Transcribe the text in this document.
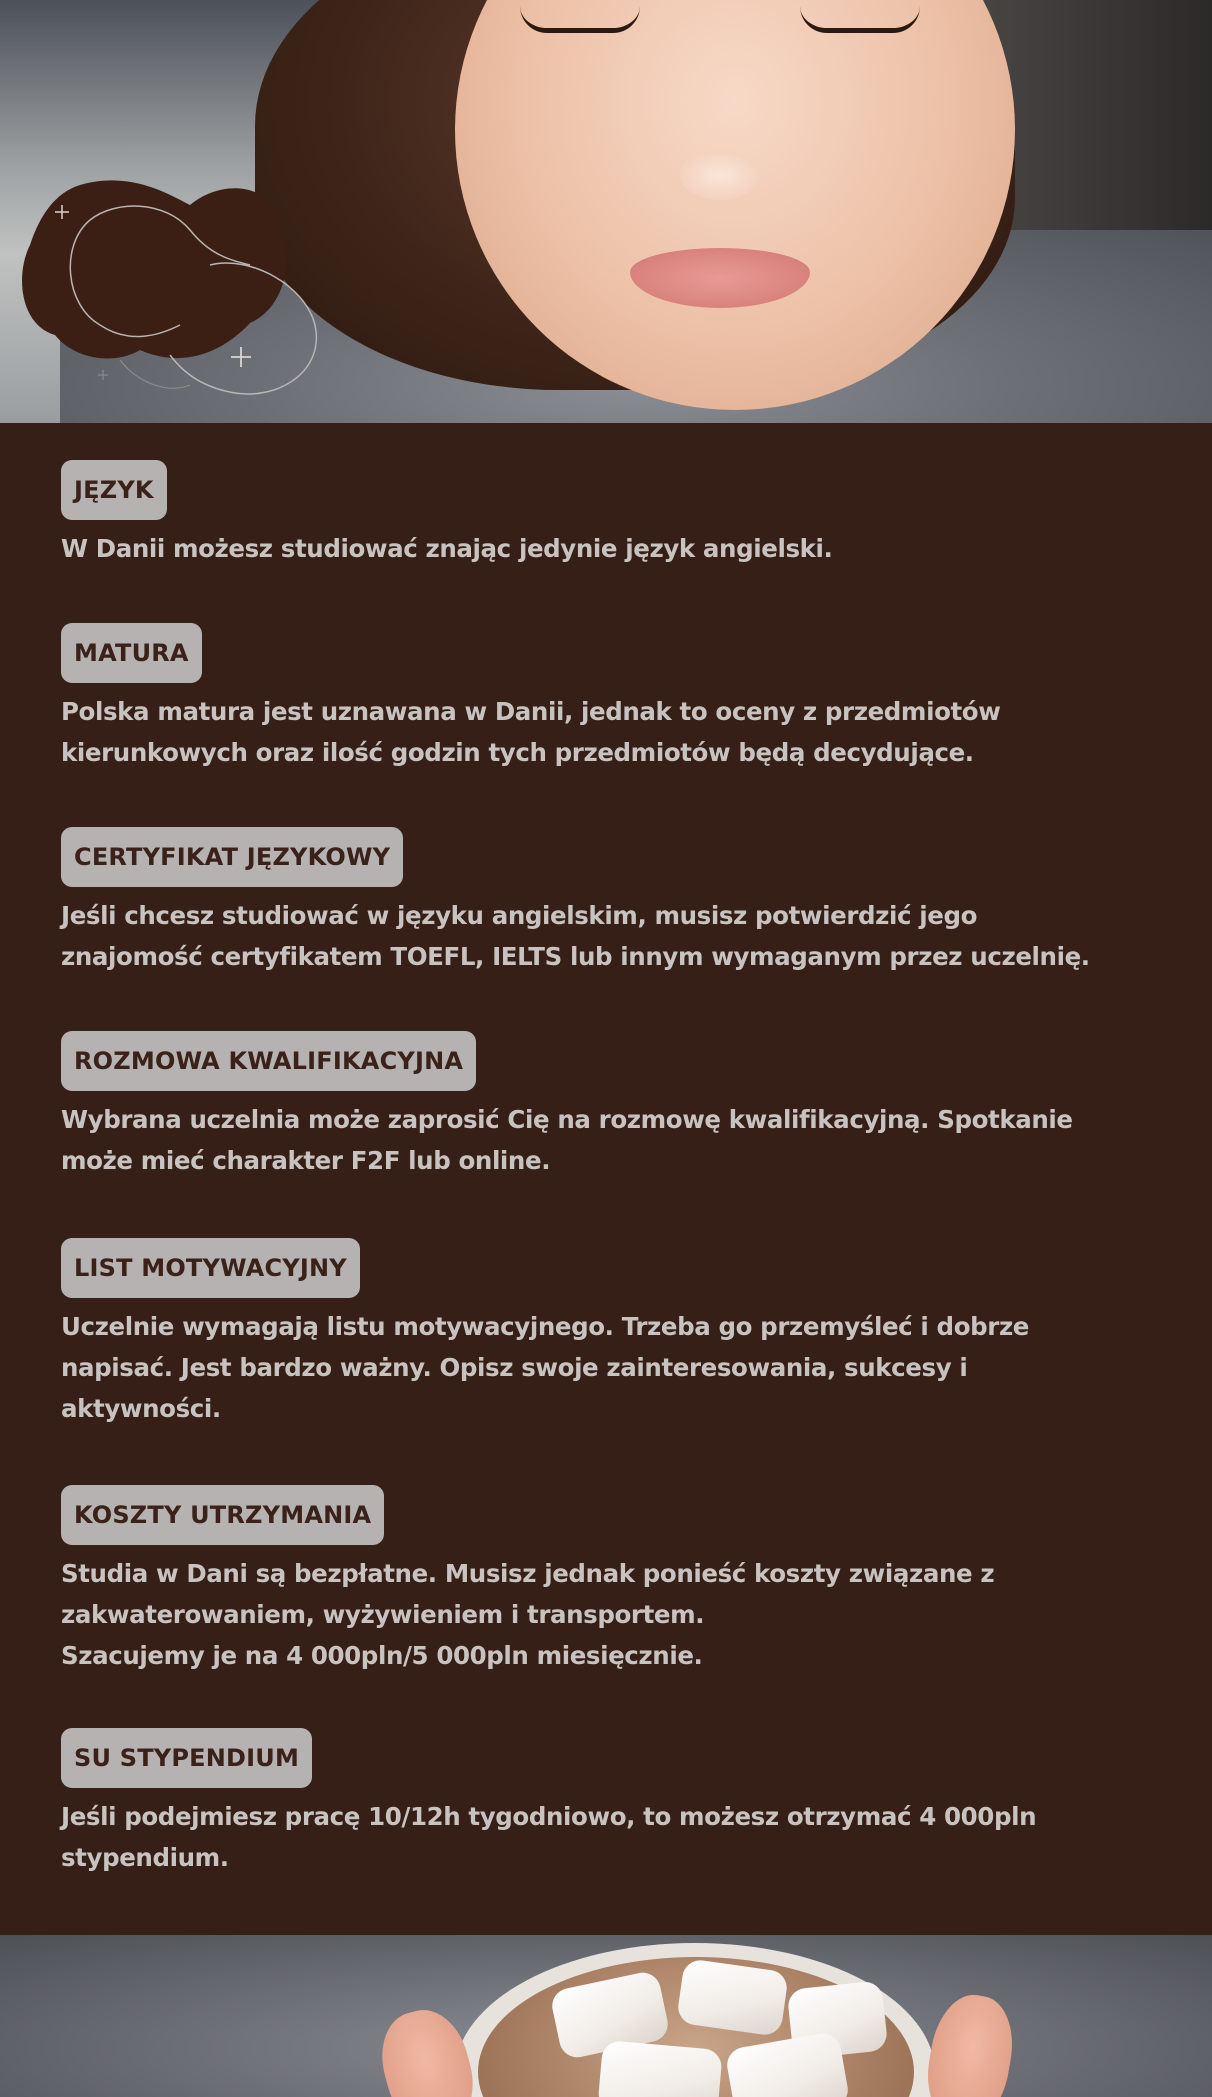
JĘZYK
W Danii możesz studiować znając jedynie język angielski.
MATURA
Polska matura jest uznawana w Danii, jednak to oceny z przedmiotów
kierunkowych oraz ilość godzin tych przedmiotów będą decydujące.
CERTYFIKAT JĘZYKOWY
Jeśli chcesz studiować w języku angielskim, musisz potwierdzić jego
znajomość certyfikatem TOEFL, IELTS lub innym wymaganym przez uczelnię.
ROZMOWA KWALIFIKACYJNA
Wybrana uczelnia może zaprosić Cię na rozmowę kwalifikacyjną. Spotkanie
może mieć charakter F2F lub online.
LIST MOTYWACYJNY
Uczelnie wymagają listu motywacyjnego. Trzeba go przemyśleć i dobrze
napisać. Jest bardzo ważny. Opisz swoje zainteresowania, sukcesy i
aktywności.
KOSZTY UTRZYMANIA
Studia w Dani są bezpłatne. Musisz jednak ponieść koszty związane z
zakwaterowaniem, wyżywieniem i transportem.
Szacujemy je na 4 000pln/5 000pln miesięcznie.
SU STYPENDIUM
Jeśli podejmiesz pracę 10/12h tygodniowo, to możesz otrzymać 4 000pln
stypendium.
